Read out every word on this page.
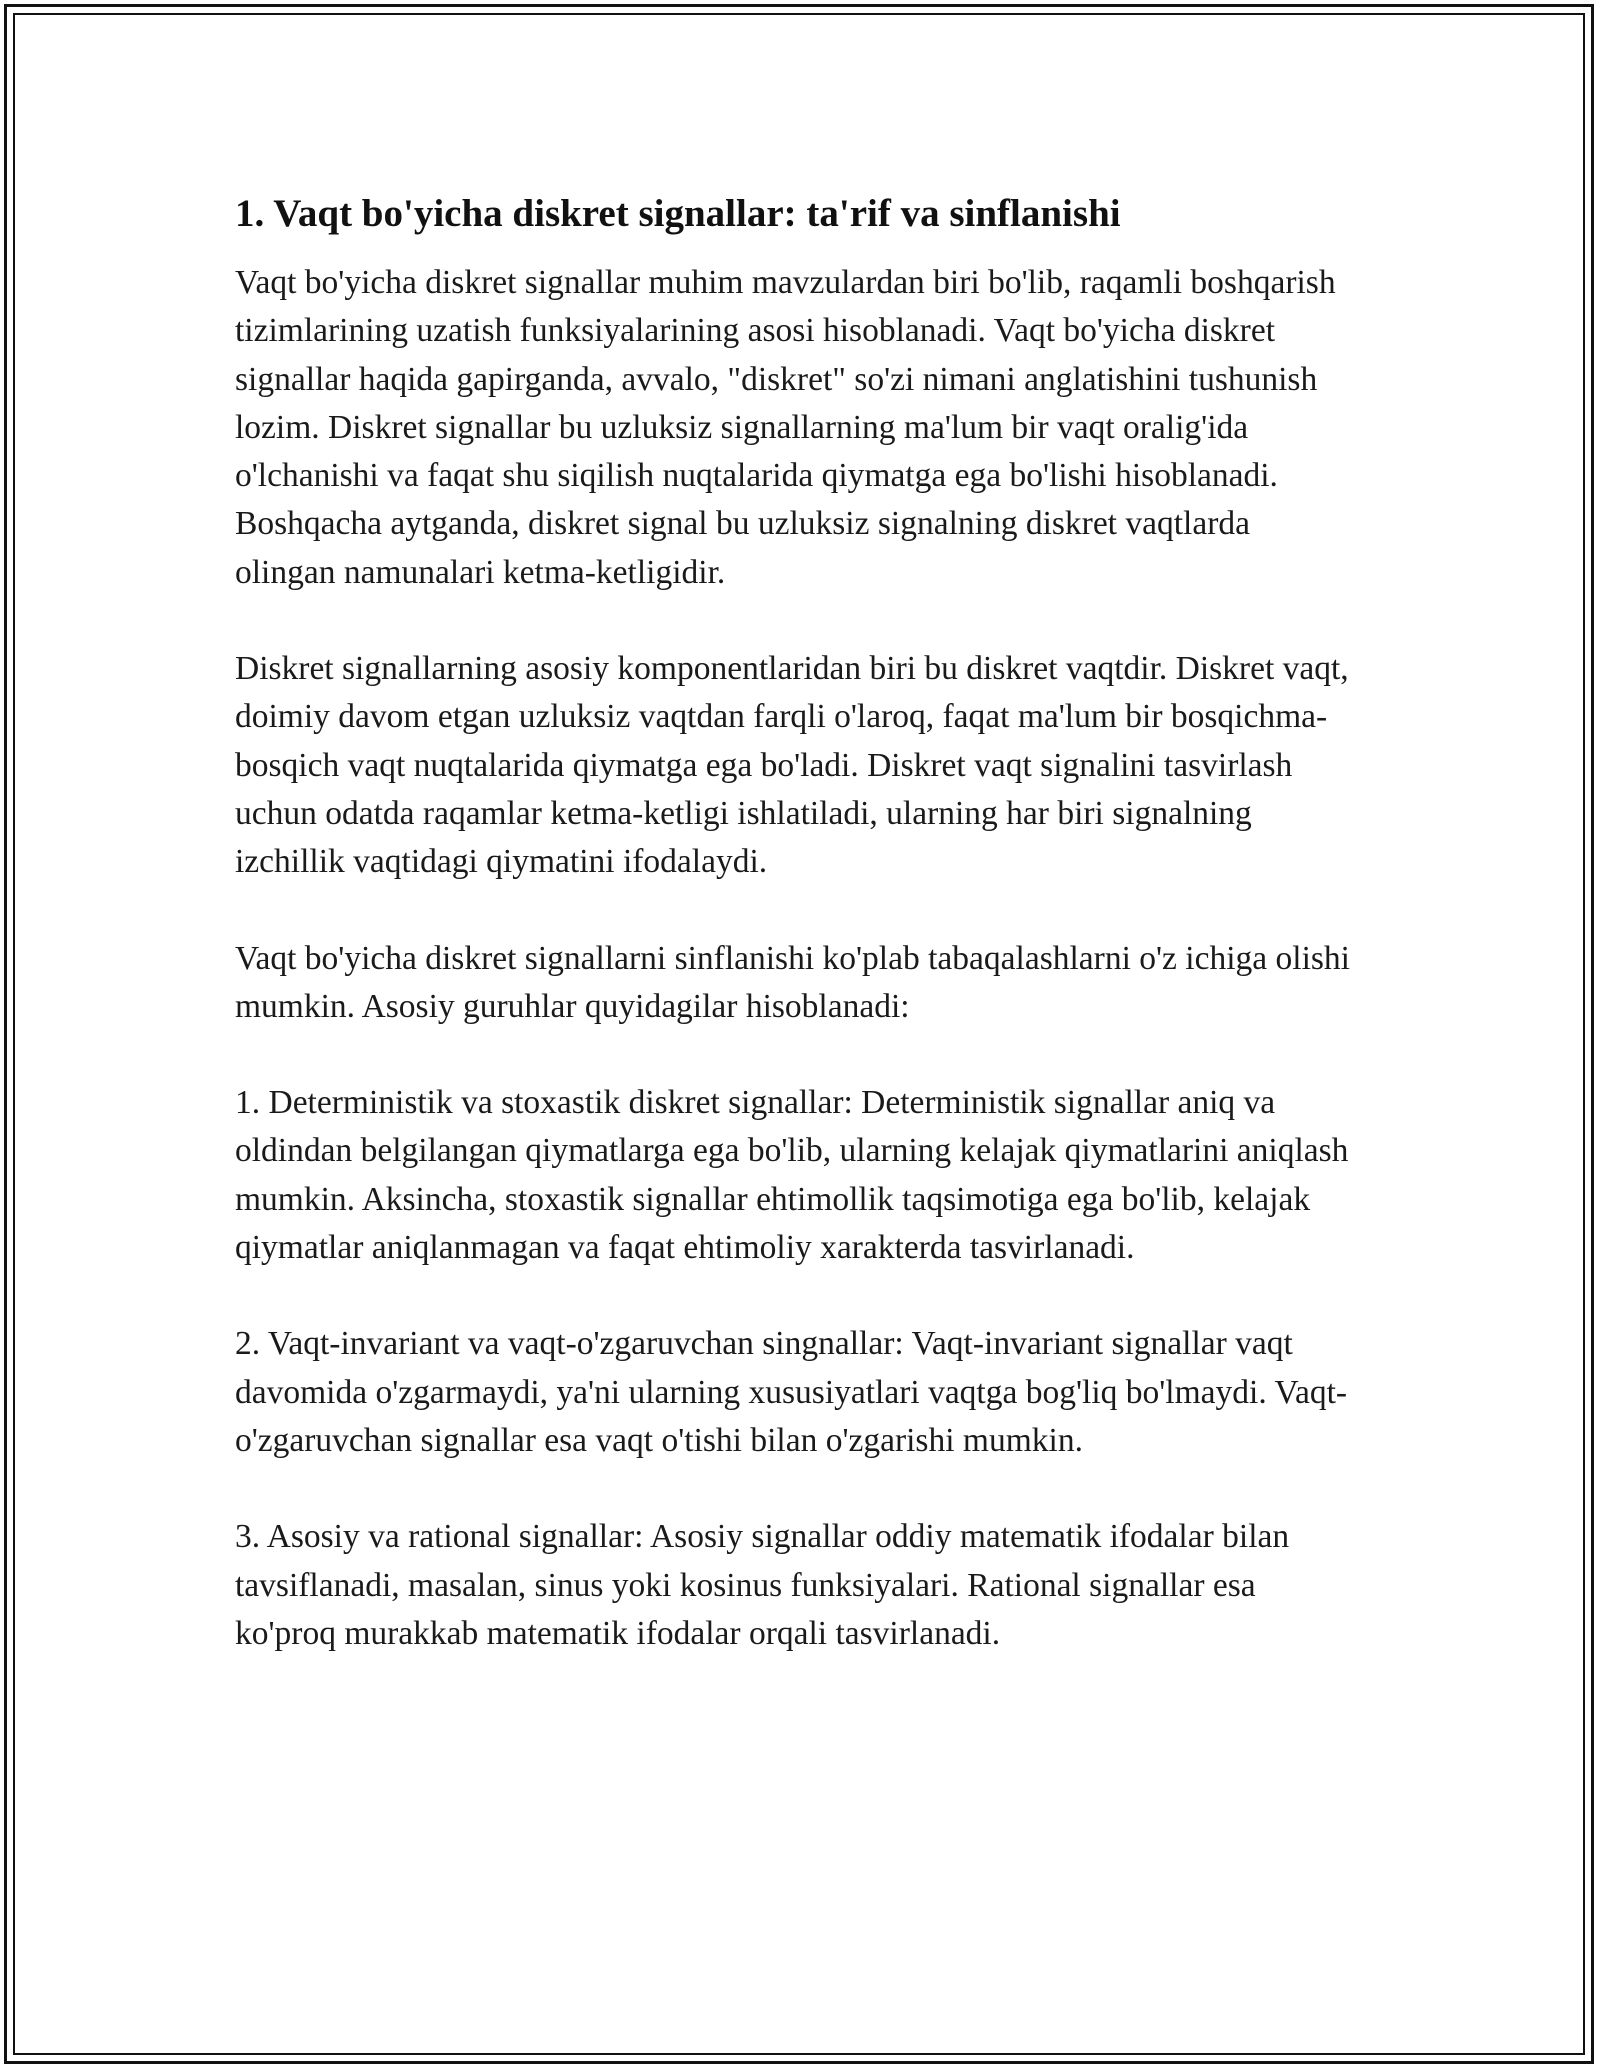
1. Vaqt bo'yicha diskret signallar: ta'rif va sinflanishi

Vaqt bo'yicha diskret signallar muhim mavzulardan biri bo'lib, raqamli boshqarish tizimlarining uzatish funksiyalarining asosi hisoblanadi. Vaqt bo'yicha diskret signallar haqida gapirganda, avvalo, "diskret" so'zi nimani anglatishini tushunish lozim. Diskret signallar bu uzluksiz signallarning ma'lum bir vaqt oralig'ida o'lchanishi va faqat shu siqilish nuqtalarida qiymatga ega bo'lishi hisoblanadi. Boshqacha aytganda, diskret signal bu uzluksiz signalning diskret vaqtlarda olingan namunalari ketma-ketligidir.

Diskret signallarning asosiy komponentlaridan biri bu diskret vaqtdir. Diskret vaqt, doimiy davom etgan uzluksiz vaqtdan farqli o'laroq, faqat ma'lum bir bosqichma-bosqich vaqt nuqtalarida qiymatga ega bo'ladi. Diskret vaqt signalini tasvirlash uchun odatda raqamlar ketma-ketligi ishlatiladi, ularning har biri signalning izchillik vaqtidagi qiymatini ifodalaydi.

Vaqt bo'yicha diskret signallarni sinflanishi ko'plab tabaqalashlarni o'z ichiga olishi mumkin. Asosiy guruhlar quyidagilar hisoblanadi:

1. Deterministik va stoxastik diskret signallar: Deterministik signallar aniq va oldindan belgilangan qiymatlarga ega bo'lib, ularning kelajak qiymatlarini aniqlash mumkin. Aksincha, stoxastik signallar ehtimollik taqsimotiga ega bo'lib, kelajak qiymatlar aniqlanmagan va faqat ehtimoliy xarakterda tasvirlanadi.

2. Vaqt-invariant va vaqt-o'zgaruvchan singnallar: Vaqt-invariant signallar vaqt davomida o'zgarmaydi, ya'ni ularning xususiyatlari vaqtga bog'liq bo'lmaydi. Vaqt-o'zgaruvchan signallar esa vaqt o'tishi bilan o'zgarishi mumkin.

3. Asosiy va rational signallar: Asosiy signallar oddiy matematik ifodalar bilan tavsiflanadi, masalan, sinus yoki kosinus funksiyalari. Rational signallar esa ko'proq murakkab matematik ifodalar orqali tasvirlanadi.
